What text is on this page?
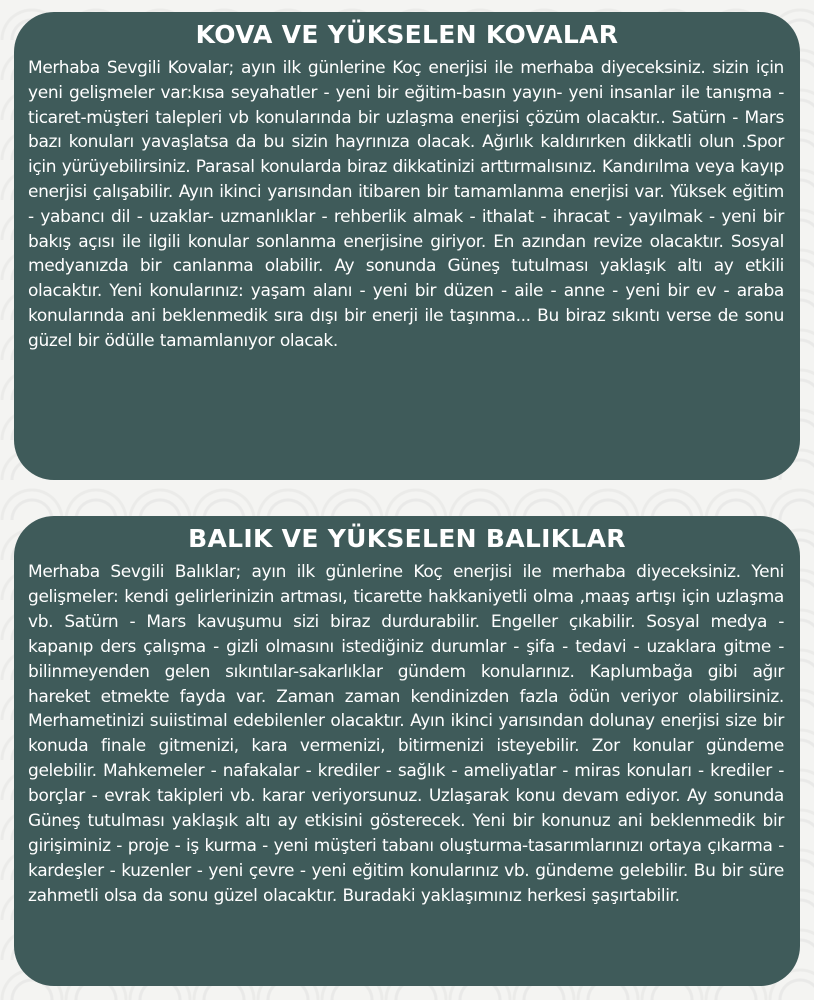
KOVA VE YÜKSELEN KOVALAR

Merhaba Sevgili Kovalar; ayın ilk günlerine Koç enerjisi ile merhaba diyeceksiniz. sizin için yeni gelişmeler var:kısa seyahatler - yeni bir eğitim-basın yayın- yeni insanlar ile tanışma -ticaret-müşteri talepleri vb konularında bir uzlaşma enerjisi çözüm olacaktır.. Satürn - Mars bazı konuları yavaşlatsa da bu sizin hayrınıza olacak. Ağırlık kaldırırken dikkatli olun .Spor için yürüyebilirsiniz. Parasal konularda biraz dikkatinizi arttırmalısınız. Kandırılma veya kayıp enerjisi çalışabilir. Ayın ikinci yarısından itibaren bir tamamlanma enerjisi var. Yüksek eğitim - yabancı dil - uzaklar- uzmanlıklar - rehberlik almak - ithalat - ihracat - yayılmak - yeni bir bakış açısı ile ilgili konular sonlanma enerjisine giriyor. En azından revize olacaktır. Sosyal medyanızda bir canlanma olabilir. Ay sonunda Güneş tutulması yaklaşık altı ay etkili olacaktır. Yeni konularınız: yaşam alanı - yeni bir düzen - aile - anne - yeni bir ev - araba konularında ani beklenmedik sıra dışı bir enerji ile taşınma... Bu biraz sıkıntı verse de sonu güzel bir ödülle tamamlanıyor olacak.

BALIK VE YÜKSELEN BALIKLAR

Merhaba Sevgili Balıklar; ayın ilk günlerine Koç enerjisi ile merhaba diyeceksiniz. Yeni gelişmeler: kendi gelirlerinizin artması, ticarette hakkaniyetli olma ,maaş artışı için uzlaşma vb. Satürn - Mars kavuşumu sizi biraz durdurabilir. Engeller çıkabilir. Sosyal medya - kapanıp ders çalışma - gizli olmasını istediğiniz durumlar - şifa - tedavi - uzaklara gitme - bilinmeyenden gelen sıkıntılar-sakarlıklar gündem konularınız. Kaplumbağa gibi ağır hareket etmekte fayda var. Zaman zaman kendinizden fazla ödün veriyor olabilirsiniz. Merhametinizi suiistimal edebilenler olacaktır. Ayın ikinci yarısından dolunay enerjisi size bir konuda finale gitmenizi, kara vermenizi, bitirmenizi isteyebilir. Zor konular gündeme gelebilir. Mahkemeler - nafakalar - krediler - sağlık - ameliyatlar - miras konuları - krediler - borçlar - evrak takipleri vb. karar veriyorsunuz. Uzlaşarak konu devam ediyor. Ay sonunda Güneş tutulması yaklaşık altı ay etkisini gösterecek. Yeni bir konunuz ani beklenmedik bir girişiminiz - proje - iş kurma - yeni müşteri tabanı oluşturma-tasarımlarınızı ortaya çıkarma - kardeşler - kuzenler - yeni çevre - yeni eğitim konularınız vb. gündeme gelebilir. Bu bir süre zahmetli olsa da sonu güzel olacaktır. Buradaki yaklaşımınız herkesi şaşırtabilir.
